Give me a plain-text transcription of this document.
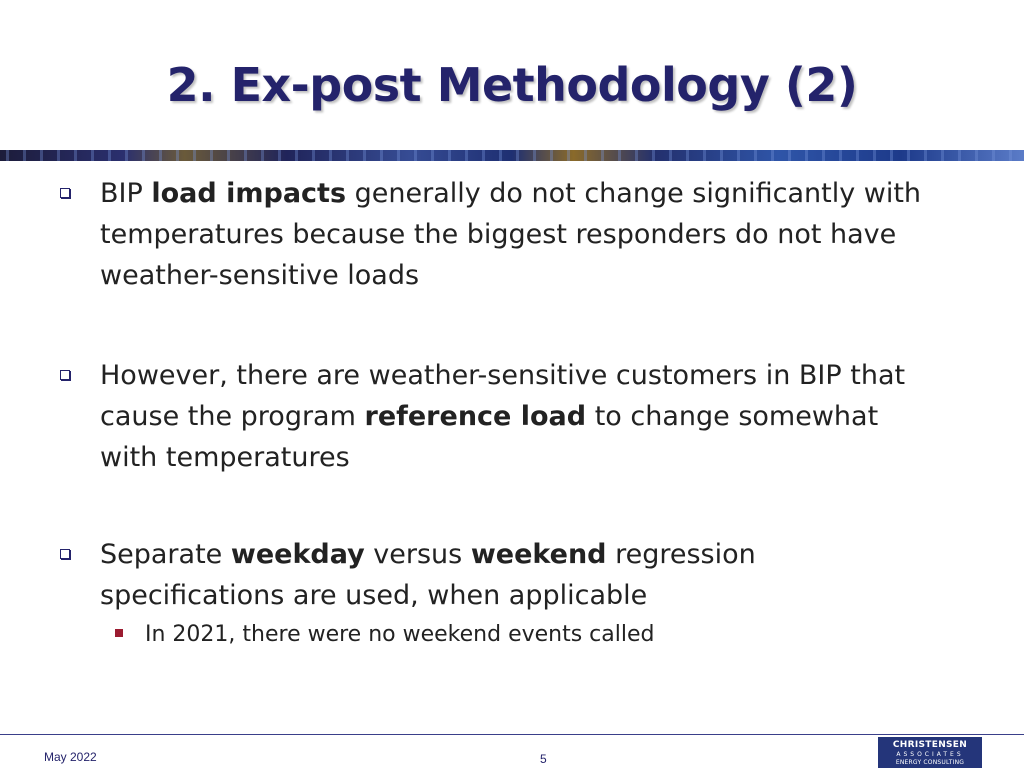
2. Ex-post Methodology (2)
BIP load impacts generally do not change significantly with temperatures because the biggest responders do not have weather-sensitive loads
However, there are weather-sensitive customers in BIP that cause the program reference load to change somewhat with temperatures
Separate weekday versus weekend regression specifications are used, when applicable
In 2021, there were no weekend events called
May 2022	5
CHRISTENSEN
ASSOCIATES
ENERGY CONSULTING
